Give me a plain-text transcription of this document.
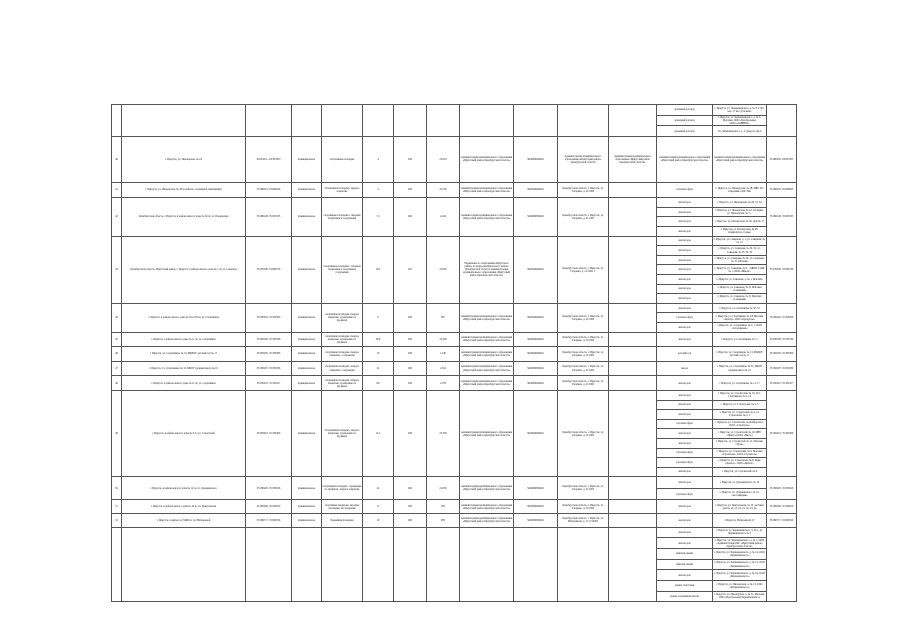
												арендный договор	г. Иркутск, ул. Чернышевского, д. № 3, 1/30 с кад. 17 кв. (4) помещ.	
												арендный договор	г. Иркутск, ул. Чернышевского, д. № 3, Магазин, ООО «Центральные ООО»»ГАВНПО»	
												арендный договор	Ул. Чернышевского, д. 3, Дом (ад. Дк.4	
40	г. Иркутск, ул. Пионерская, № 24	35:06:001...:05:007007	муниципальное	Спортивная площадка	4	206	22,653	Администрация муниципального образования «Иркутский район Оренбургской области»	5620000000461	Администрация муниципального образования «Иркутский район» Оренбургской области	Администрация муниципального образования «Иркутский район Оренбургской области»	Администрация муниципального образования «Иркутский район Оренбургской области»	Администрация муниципального образования «Иркутский район Оренбургской области»	35:060035 ,04:007003
41	г. Иркутск, ул. Пионерская, № 28 (в районе с подземной помещений)	35:060201, 05:004026	муниципальное	Спортивная площадка, твердое покрытие	4	206	22,759	Администрация муниципального образования «Иркутский район Оренбургской области»	5620000000461	Оренбургская область, г. Иркутск, ул. Гагарина, д. 21/1002		торговая сфера	г. Иркутск, ул. Пионерская, № 28, МБУ ДО «Ледовый «ДОСТИ»	35:060035, 05:006003
42	Оренбургская область, г. Иркутск, в районе жилого дома № 26 по ул. Пионерская	35:060226, 35:005335	муниципальное	спортивные площадки с твердым покрытием и сооружения	7,2	206	41,04	Администрация муниципального образования «Иркутский район Оренбургской области»	5620000000461	Оренбургская область, г. Иркутск, ул. Гагарина, д. 21/1002		жилой дом	г. Иркутск, ул. Пионерская, № 26, 31, 32	35:060226, 35:005335
												жилой дом	г. Иркутск, ул. Пионерская, № 12, Гагарина, ул. Пионерская, № 7...	
												жилой дом	г. Иркутск, ул. Пионерская, № 26, Дом № 17	
												жилой дом	г. Иркутск, ул. Пионерская, № 26, Комфортное, Семья	
43	Оренбургская область, Иркутский район, г. Иркутск, в районе жилого дома № 1 по ул. Северная	35:070040, 35:009730	муниципальное	Спортивные площадки с твердым покрытием и спортивные сооружения	16,2	205	22,658	Управление по образованию Иркутского района по вопросам Иркутского района Оренбургской области Администрации муниципального образования «Иркутский район Оренбургской области»	5620000000461	Оренбургская область, г. Иркутск, ул. Гагарина, д. 21/1002, г.		жилой дом	г. Иркутск, ул. Северная, д. 1, ул. Северная, № 14, 15	35:070040, 35:009730
												жилой дом	г. Иркутск, ул. Северная, № 30, 32, ул. Северная, № 33, 34, 35	
												жилой дом	г. Иркутск, ул. Северная, № 34, ул. Северная, № 31, Магазин	
												жилой дом	г. Иркутск, ул. Северная, № 8 ... МБОУ СОШ № 1, ООО «Школа»	
												жилой дом	г. Иркутск, ул. Северная, д. № 1, Магазин	
												жилой дом	г. Иркутск, ул. Северная, № 31 Магазин «Северный»	
												жилой дом	г. Иркутск, ул. Северная, № 31 Магазин «Северный»	
44	г. Иркутск, в районе жилого дома № 30 и 2/8 по ул. Спортивная	35:050202, 35:350200	муниципальное	спортивная площадка, твердое покрытие, ограждение по профилю	6	206	367	Администрация муниципального образования «Иркутский район Оренбургской области»	5620000000461	Оренбургская область, г. Иркутск, ул. Гагарина, д. 21/1002		жилой дом	г. Иркутск, ул. Спортивная, № 30, 32	35:050202, 35:350200
												торговая сфера	г. Иркутск, ул. Спортивная, № 2/8 Магазин «Центр», ООО «Продукты»	
												жилой дом	г. Иркутск, ул. Спортивная, № 2, 1, ООО «Спортивная»	
45	г. Иркутск, в районе жилого дома № 11 по ул. Спортивная	35:050383, 35:350336	муниципальное	спортивная площадка, твердое покрытие, ограждение по профилю	20,8	206	23,458	Администрация муниципального образования «Иркутский район Оренбургской области»	5620000000461	Оренбургская область, г. Иркутск, ул. Гагарина, д. 21/1002		жилой дом	г. Иркутск, ул. Спортивная, № 11	35:050383, 35:350336
46	г. Иркутск, ул. Спортивная, № 13, МБДОУ детский сад № 17	35:050205, 35:350306	муниципальное	спортивная площадка, твердое покрытие, сооружения	10	206	1,430	Администрация муниципального образования «Иркутский район Оренбургской области»	5620000000461	Оренбургская область, г. Иркутск, ул. Гагарина, д. 21/1002		детский сад	г. Иркутск, ул. Спортивная, № 13, МБДОУ детский сад № 17	35:050205, 35:350306
47	г. Иркутск, ул. Спортивная, № 32, МБОУ средняя школа № 10	35:050207, 35:350330	муниципальное	спортивная площадка, твердое покрытие, сооружения	22	206	2,341	Администрация муниципального образования «Иркутский район Оренбургской области»	5620000000461	Оренбургская область, г. Иркутск, ул. Гагарина, д. 21/1002		школа	г. Иркутск, ул. Спортивная, № 32, МБОУ средняя школа № 10	35:050207, 35:350330
48	г. Иркутск, в районе жилого дома № 11 по ул. Спортивная	35:050201, 35:350417	муниципальное	спортивная площадка, твердое покрытие, ограждение по профилю	8,6	206	2,376	Администрация муниципального образования «Иркутский район Оренбургской области»	5620000000461	Оренбургская область, г. Иркутск, ул. Гагарина, д. 21/1002		жилой дом	г. Иркутск, ул. Спортивная, № 11, 17	35:050201, 35:350417
49	г. Иркутск, в районе жилого дома № 8 по ул. Строителей	35:050401, 35:350409	муниципальное	Спортивная площадка, твердое покрытие, ограждение по профилю	12,2	206	23,358	Администрация муниципального образования «Иркутский район Оренбургской области»	5620000000461	Оренбургская область, г. Иркутск, ул. Гагарина, д. 21/1002		жилой дом	г. Иркутск, ул. Строителей, № 10, 22/1, Спортивная, № 6, 14	35:050401, 35:350409
												жилой дом	г. Иркутск, ул. Строителей, № 4, 5	
												жилой дом	г. Иркутск, ул. Строителей, № 4, 14, Строителей, № 2, 3	
												торговая сфера	г. Иркутск, ул. Строителей, № Комфортное, ООО «Строитель»	
												жилой дом	г. Иркутск, ул. Строителей, № 10, МБУ «Центр» (ООО «Вита»)	
												жилой дом	г. Иркутск, ул. Строителей, № 11, Магазин «Урал»	
												торговая сфера	г. Иркутск, ул. Строителей, № 9, Магазин «Строитель», ООО «Строитель»	
												торговая сфера	г. Иркутск, ул. Строителей, № 6, Кафе «Диалог», ООО «Диалог»	
												жилой дом	г. Иркутск, ул. Строителей, № 8	
50	г. Иркутск, в районе жилого дома № 14 по ул. Дзержинского	35:050405, 35:350916	муниципальное	Спортивная площадка, ограждение по профилю, твердое покрытие	22	206	22,658	Администрация муниципального образования «Иркутский район Оренбургской области»	5620000000461	Оренбургская область, г. Иркутск, ул. Гагарина, д. 21/1002		жилой дом	г. Иркутск, ул. Дзержинского, № 14	35:050405, 35:350916
												торговая сфера	г. Иркутск, ул. Дзержинского, № 16, «Ассоциация»	
51	г. Иркутск, в районе жилого дома № 10 по ул. Центральная	35:050406, 35:350810	муниципальное	спортивная площадка, игровые площадки, без покрытия	8	206	595	Администрация муниципального образования «Иркутский район Оренбургской области»	5620000000461	Оренбургская область, г. Иркутск, ул. Гагарина, д. 21/1002		жилой дом	г. Иркутск, ул. Центральная, № 10, частный дом № 14, 15, 16, 21, 22, 23, 24	35:050406, 35:350810
52	г. Иркутск, в районе ул. МКР по ул. Набережной	35:060717, 35:009740	муниципальное	Хоккейная площадка	16	206	985	Администрация муниципального образования «Иркутский район Оренбургской области»	5620000000461	Оренбургская область, г. Иркутск, ул. Набережной, д. 27, 0/13002		жилой дом	г. Иркутск, Набережной, 27	35:060717, 35:009740
												жилой дом	г. Иркутск, ул. Чернышевского, д. № 1, ул. Чернышевского, № 4	
												жилой дом	г. Иркутск, ул. Чернышевского, д. № 1, ООО «Администрация МС «Иркутский район» Оренбургской области»	
												офисная здание	г. Иркутск, ул. Чернышевского, д. № 14, ООО «Чернышевского»	
												офисная здание	г. Иркутск, ул. Чернышевского, д. № 15, ООО «Чернышевского»	
												жилой дом	г. Иркутск, ул. Чернышевского, д. № 19, ООО «Чернышевского»	
												здание спортсмен	г. Иркутск, ул. Пионерская, д. № 13, ООО «Чернышевского»	
												здание спортивной школы	г. Иркутск, ул. Пионерская, д. № 11, Магазин, ООО «Центральная Чернышевского»	
